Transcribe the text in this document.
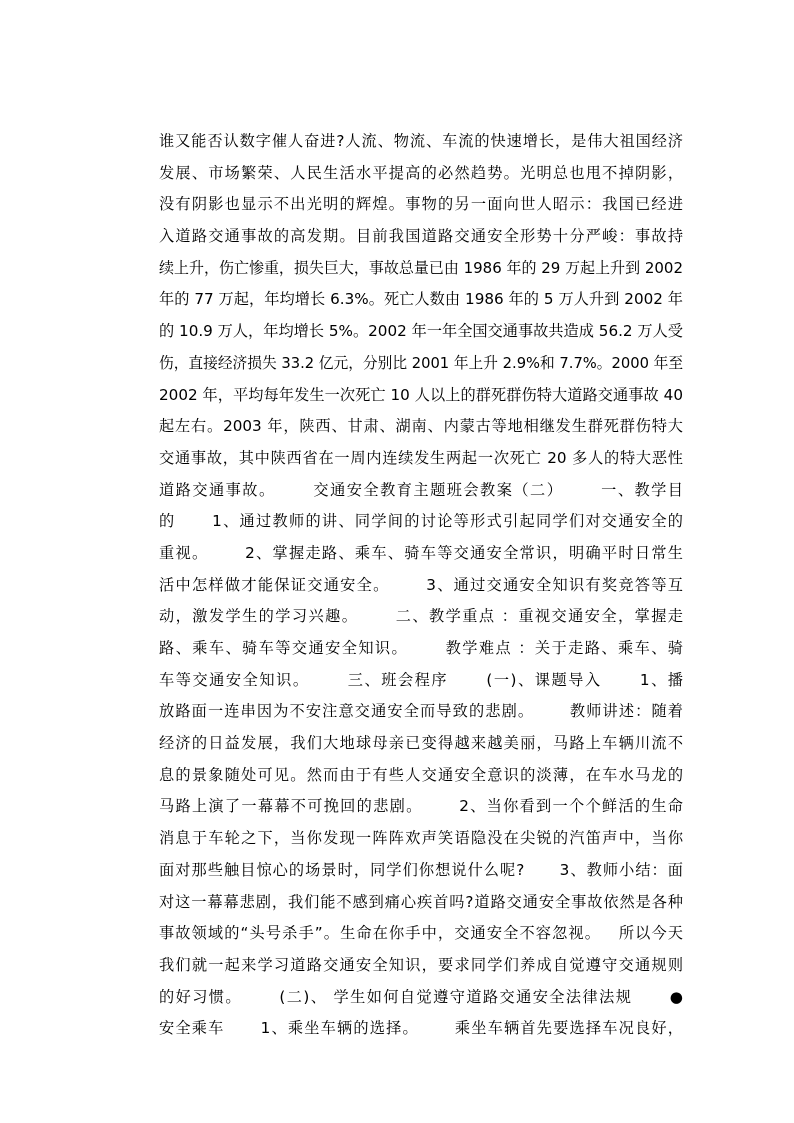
谁又能否认数字催人奋进?人流、物流、车流的快速增长，是伟大祖国经济
发展、市场繁荣、人民生活水平提高的必然趋势。光明总也甩不掉阴影，
没有阴影也显示不出光明的辉煌。事物的另一面向世人昭示：我国已经进
入道路交通事故的高发期。目前我国道路交通安全形势十分严峻：事故持
续上升，伤亡惨重，损失巨大，事故总量已由 1986 年的 29 万起上升到 2002
年的 77 万起，年均增长 6.3%。死亡人数由 1986 年的 5 万人升到 2002 年
的 10.9 万人，年均增长 5%。2002 年一年全国交通事故共造成 56.2 万人受
伤，直接经济损失 33.2 亿元，分别比 2001 年上升 2.9%和 7.7%。2000 年至
2002 年，平均每年发生一次死亡 10 人以上的群死群伤特大道路交通事故 40
起左右。2003 年，陕西、甘肃、湖南、内蒙古等地相继发生群死群伤特大
交通事故，其中陕西省在一周内连续发生两起一次死亡 20 多人的特大恶性
道路交通事故。      交通安全教育主题班会教案（二）      一、教学目
的      1、通过教师的讲、同学间的讨论等形式引起同学们对交通安全的
重视。      2、掌握走路、乘车、骑车等交通安全常识，明确平时日常生
活中怎样做才能保证交通安全。      3、通过交通安全知识有奖竞答等互
动，激发学生的学习兴趣。      二、教学重点 ：重视交通安全，掌握走
路、乘车、骑车等交通安全知识。      教学难点 ：关于走路、乘车、骑
车等交通安全知识。      三、班会程序      (一)、课题导入      1、播
放路面一连串因为不安注意交通安全而导致的悲剧。      教师讲述：随着
经济的日益发展，我们大地球母亲已变得越来越美丽，马路上车辆川流不
息的景象随处可见。然而由于有些人交通安全意识的淡薄，在车水马龙的
马路上演了一幕幕不可挽回的悲剧。      2、当你看到一个个鲜活的生命
消息于车轮之下，当你发现一阵阵欢声笑语隐没在尖锐的汽笛声中，当你
面对那些触目惊心的场景时，同学们你想说什么呢?      3、教师小结：面
对这一幕幕悲剧，我们能不感到痛心疾首吗?道路交通安全事故依然是各种
事故领域的“头号杀手”。生命在你手中，交通安全不容忽视。   所以今天
我们就一起来学习道路交通安全知识，要求同学们养成自觉遵守交通规则
的好习惯。      (二)、 学生如何自觉遵守道路交通安全法律法规      ●
安全乘车      1、乘坐车辆的选择。      乘坐车辆首先要选择车况良好，
